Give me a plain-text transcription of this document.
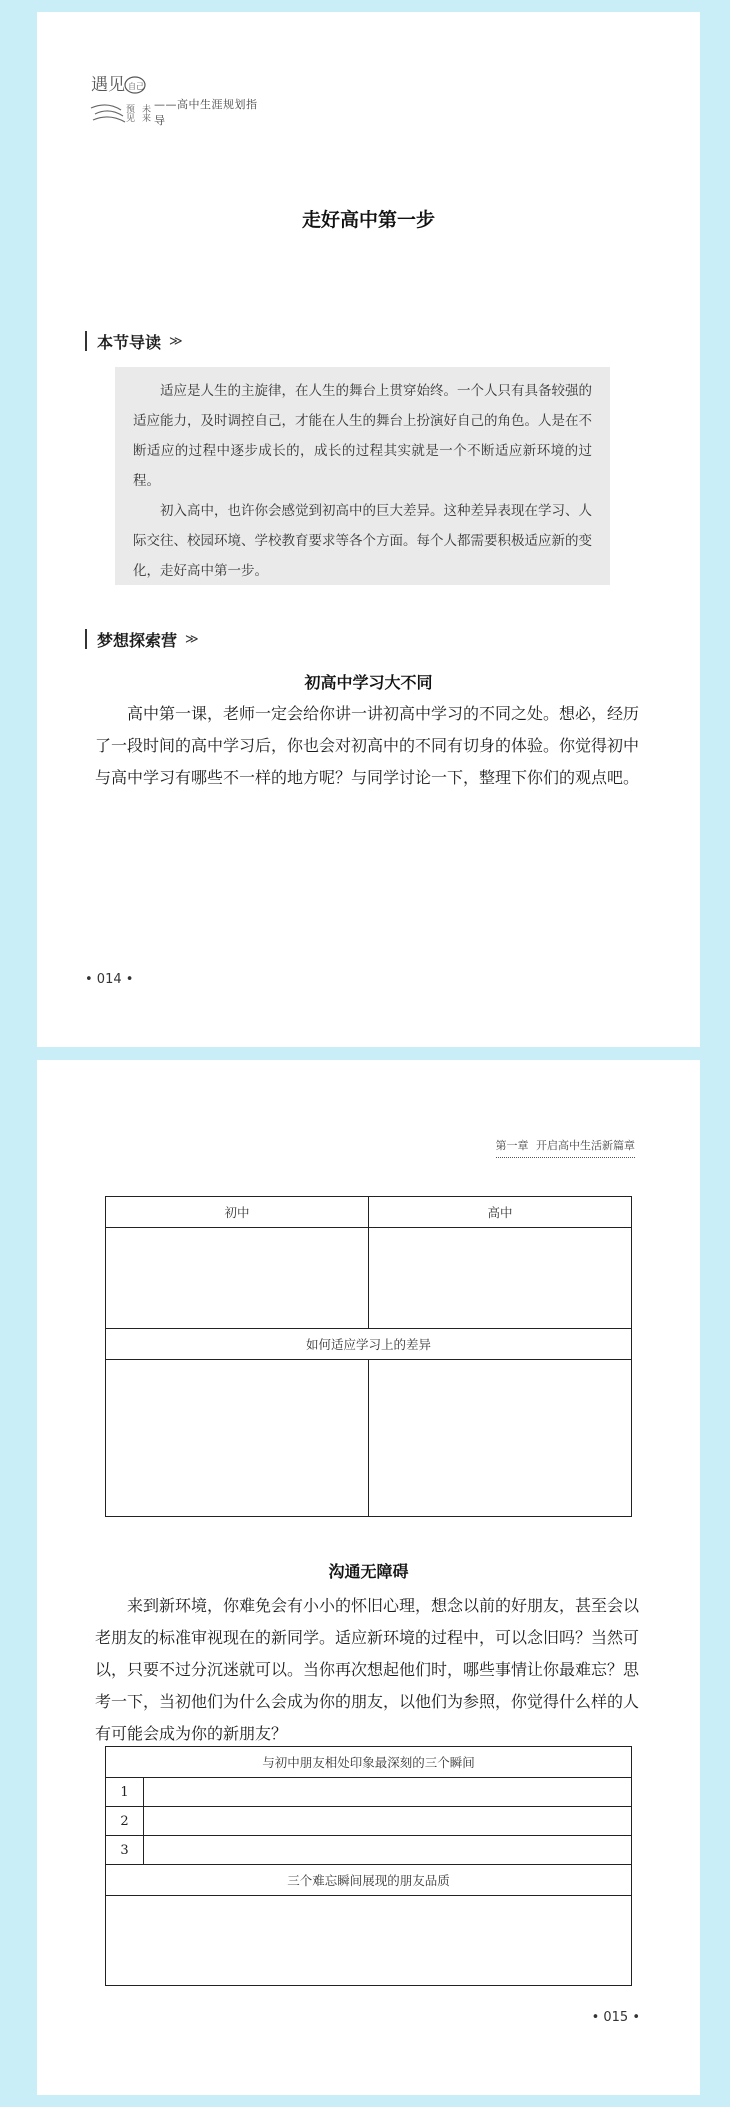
遇见 自己
预见 未来 ——高中生涯规划指导
走好高中第一步
本节导读 ≫

适应是人生的主旋律，在人生的舞台上贯穿始终。一个人只有具备较强的适应能力，及时调控自己，才能在人生的舞台上扮演好自己的角色。人是在不断适应的过程中逐步成长的，成长的过程其实就是一个不断适应新环境的过程。

初入高中，也许你会感觉到初高中的巨大差异。这种差异表现在学习、人际交往、校园环境、学校教育要求等各个方面。每个人都需要积极适应新的变化，走好高中第一步。

梦想探索营 ≫
初高中学习大不同

高中第一课，老师一定会给你讲一讲初高中学习的不同之处。想必，经历了一段时间的高中学习后，你也会对初高中的不同有切身的体验。你觉得初中与高中学习有哪些不一样的地方呢？与同学讨论一下，整理下你们的观点吧。

• 014 •
第一章 开启高中生活新篇章
初中	高中

如何适应学习上的差异	

沟通无障碍

来到新环境，你难免会有小小的怀旧心理，想念以前的好朋友，甚至会以老朋友的标准审视现在的新同学。适应新环境的过程中，可以念旧吗？当然可以，只要不过分沉迷就可以。当你再次想起他们时，哪些事情让你最难忘？思考一下，当初他们为什么会成为你的朋友，以他们为参照，你觉得什么样的人有可能会成为你的新朋友？

与初中朋友相处印象最深刻的三个瞬间	
1	
2	
3	
三个难忘瞬间展现的朋友品质	

• 015 •
